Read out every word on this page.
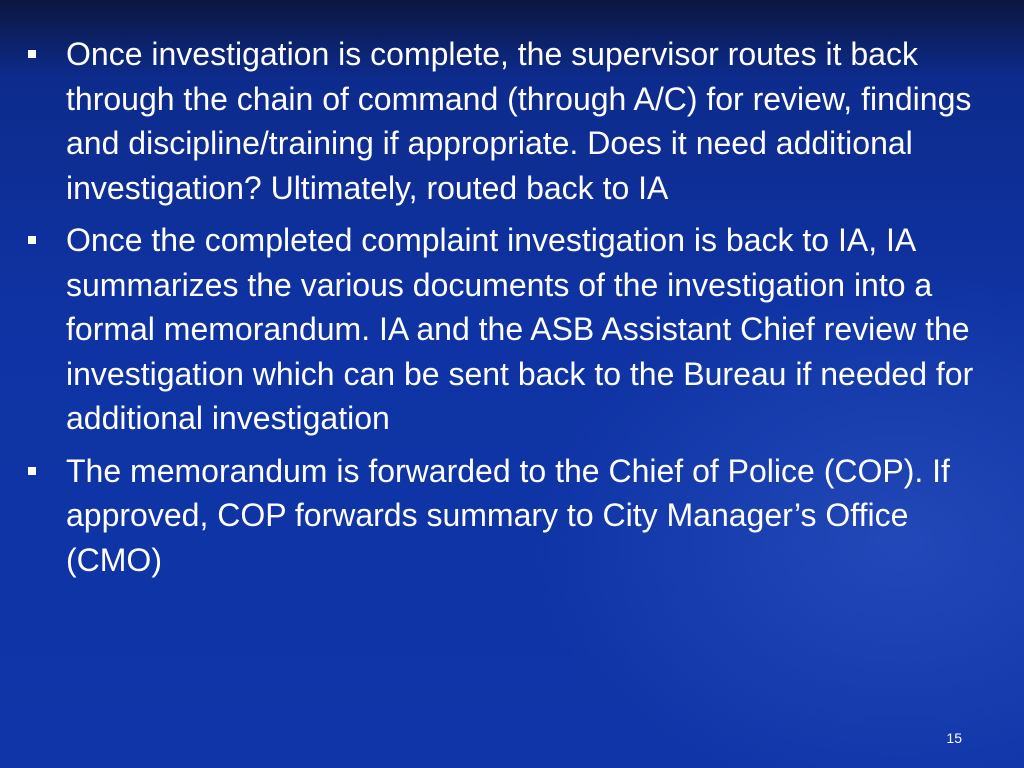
Once investigation is complete, the supervisor routes it back through the chain of command (through A/C) for review, findings and discipline/training if appropriate. Does it need additional investigation? Ultimately, routed back to IA
Once the completed complaint investigation is back to IA, IA summarizes the various documents of the investigation into a formal memorandum. IA and the ASB Assistant Chief review the investigation which can be sent back to the Bureau if needed for additional investigation
The memorandum is forwarded to the Chief of Police (COP). If approved, COP forwards summary to City Manager’s Office (CMO)
15
